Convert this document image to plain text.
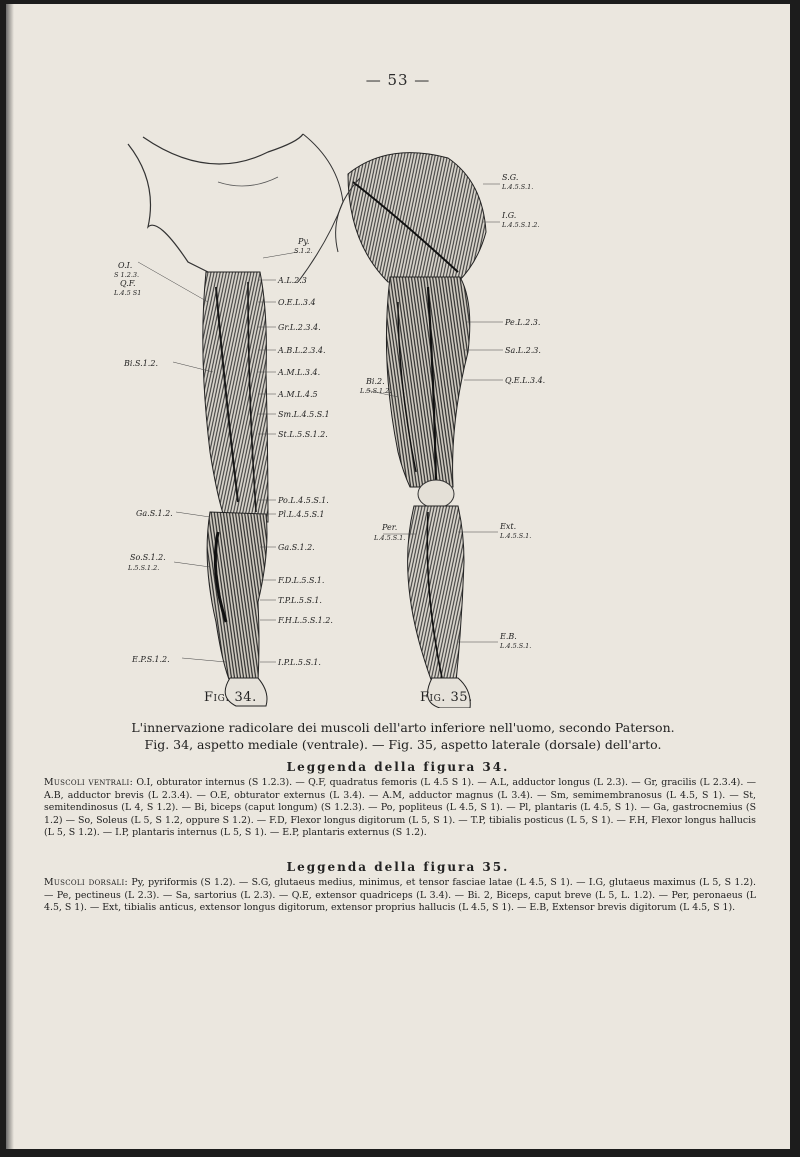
— 53 —
O.I.
S 1.2.3.
Q.F.
L.4.5 S1
Bi.S.1.2.
Ga.S.1.2.
So.S.1.2.
L.5.S.1.2.
E.P.S.1.2.
Py.
S.1.2.
A.L.2.3
O.E.L.3.4
Gr.L.2.3.4.
A.B.L.2.3.4.
A.M.L.3.4.
A.M.L.4.5
Sm.L.4.5.S.1
St.L.5.S.1.2.
Po.L.4.5.S.1.
Pl.L.4.5.S.1
Ga.S.1.2.
F.D.L.5.S.1.
T.P.L.5.S.1.
F.H.L.5.S.1.2.
I.P.L.5.S.1.
Bi.2.
L.5.S.1.2.
Per.
L.4.5.S.1.
S.G.
L.4.5.S.1.
I.G.
L.4.5.S.1.2.
Pe.L.2.3.
Sa.L.2.3.
Q.E.L.3.4.
Ext.
L.4.5.S.1.
E.B.
L.4.5.S.1.
Fig. 34.	Fig. 35.
L'innervazione radicolare dei muscoli dell'arto inferiore nell'uomo, secondo Paterson.
Fig. 34, aspetto mediale (ventrale). — Fig. 35, aspetto laterale (dorsale) dell'arto.
Leggenda della figura 34.
Muscoli ventrali: O.I, obturator internus (S 1.2.3). — Q.F, quadratus femoris (L 4.5 S 1). — A.L, adductor longus (L 2.3). — Gr, gracilis (L 2.3.4). — A.B, adductor brevis (L 2.3.4). — O.E, obturator externus (L 3.4). — A.M, adductor magnus (L 3.4). — Sm, semimembranosus (L 4.5, S 1). — St, semitendinosus (L 4, S 1.2). — Bi, biceps (caput longum) (S 1.2.3). — Po, popliteus (L 4.5, S 1). — Pl, plantaris (L 4.5, S 1). — Ga, gastrocnemius (S 1.2) — So, Soleus (L 5, S 1.2, oppure S 1.2). — F.D, Flexor longus digitorum (L 5, S 1). — T.P, tibialis posticus (L 5, S 1). — F.H, Flexor longus hallucis (L 5, S 1.2). — I.P, plantaris internus (L 5, S 1). — E.P, plantaris externus (S 1.2).
Leggenda della figura 35.
Muscoli dorsali: Py, pyriformis (S 1.2). — S.G, glutaeus medius, minimus, et tensor fasciae latae (L 4.5, S 1). — I.G, glutaeus maximus (L 5, S 1.2). — Pe, pectineus (L 2.3). — Sa, sartorius (L 2.3). — Q.E, extensor quadriceps (L 3.4). — Bi. 2, Biceps, caput breve (L 5, L. 1.2). — Per, peronaeus (L 4.5, S 1). — Ext, tibialis anticus, extensor longus digitorum, extensor proprius hallucis (L 4.5, S 1). — E.B, Extensor brevis digitorum (L 4.5, S 1).
